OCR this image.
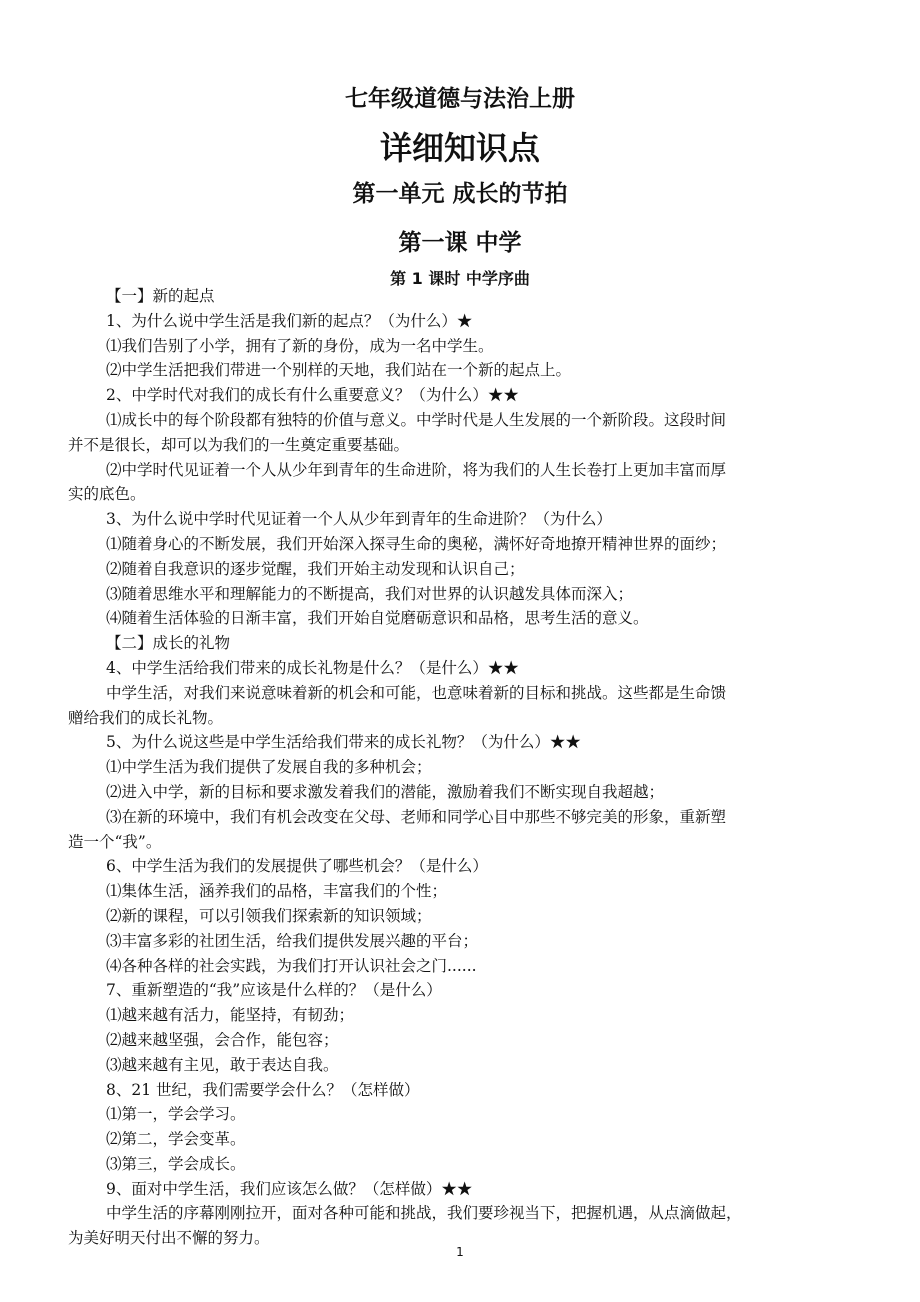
七年级道德与法治上册
详细知识点
第一单元 成长的节拍
第一课 中学
第 1 课时 中学序曲
【一】新的起点
1、为什么说中学生活是我们新的起点？（为什么）★
⑴我们告别了小学，拥有了新的身份，成为一名中学生。
⑵中学生活把我们带进一个别样的天地，我们站在一个新的起点上。
2、中学时代对我们的成长有什么重要意义？（为什么）★★
⑴成长中的每个阶段都有独特的价值与意义。中学时代是人生发展的一个新阶段。这段时间
并不是很长，却可以为我们的一生奠定重要基础。
⑵中学时代见证着一个人从少年到青年的生命进阶，将为我们的人生长卷打上更加丰富而厚
实的底色。
3、为什么说中学时代见证着一个人从少年到青年的生命进阶？（为什么）
⑴随着身心的不断发展，我们开始深入探寻生命的奥秘，满怀好奇地撩开精神世界的面纱；
⑵随着自我意识的逐步觉醒，我们开始主动发现和认识自己；
⑶随着思维水平和理解能力的不断提高，我们对世界的认识越发具体而深入；
⑷随着生活体验的日渐丰富，我们开始自觉磨砺意识和品格，思考生活的意义。
【二】成长的礼物
4、中学生活给我们带来的成长礼物是什么？（是什么）★★
中学生活，对我们来说意味着新的机会和可能，也意味着新的目标和挑战。这些都是生命馈
赠给我们的成长礼物。
5、为什么说这些是中学生活给我们带来的成长礼物？（为什么）★★
⑴中学生活为我们提供了发展自我的多种机会；
⑵进入中学，新的目标和要求激发着我们的潜能，激励着我们不断实现自我超越；
⑶在新的环境中，我们有机会改变在父母、老师和同学心目中那些不够完美的形象，重新塑
造一个“我”。
6、中学生活为我们的发展提供了哪些机会？（是什么）
⑴集体生活，涵养我们的品格，丰富我们的个性；
⑵新的课程，可以引领我们探索新的知识领域；
⑶丰富多彩的社团生活，给我们提供发展兴趣的平台；
⑷各种各样的社会实践，为我们打开认识社会之门......
7、重新塑造的“我”应该是什么样的？（是什么）
⑴越来越有活力，能坚持，有韧劲；
⑵越来越坚强，会合作，能包容；
⑶越来越有主见，敢于表达自我。
8、21 世纪，我们需要学会什么？（怎样做）
⑴第一，学会学习。
⑵第二，学会变革。
⑶第三，学会成长。
9、面对中学生活，我们应该怎么做？（怎样做）★★
中学生活的序幕刚刚拉开，面对各种可能和挑战，我们要珍视当下，把握机遇，从点滴做起，
为美好明天付出不懈的努力。
1
